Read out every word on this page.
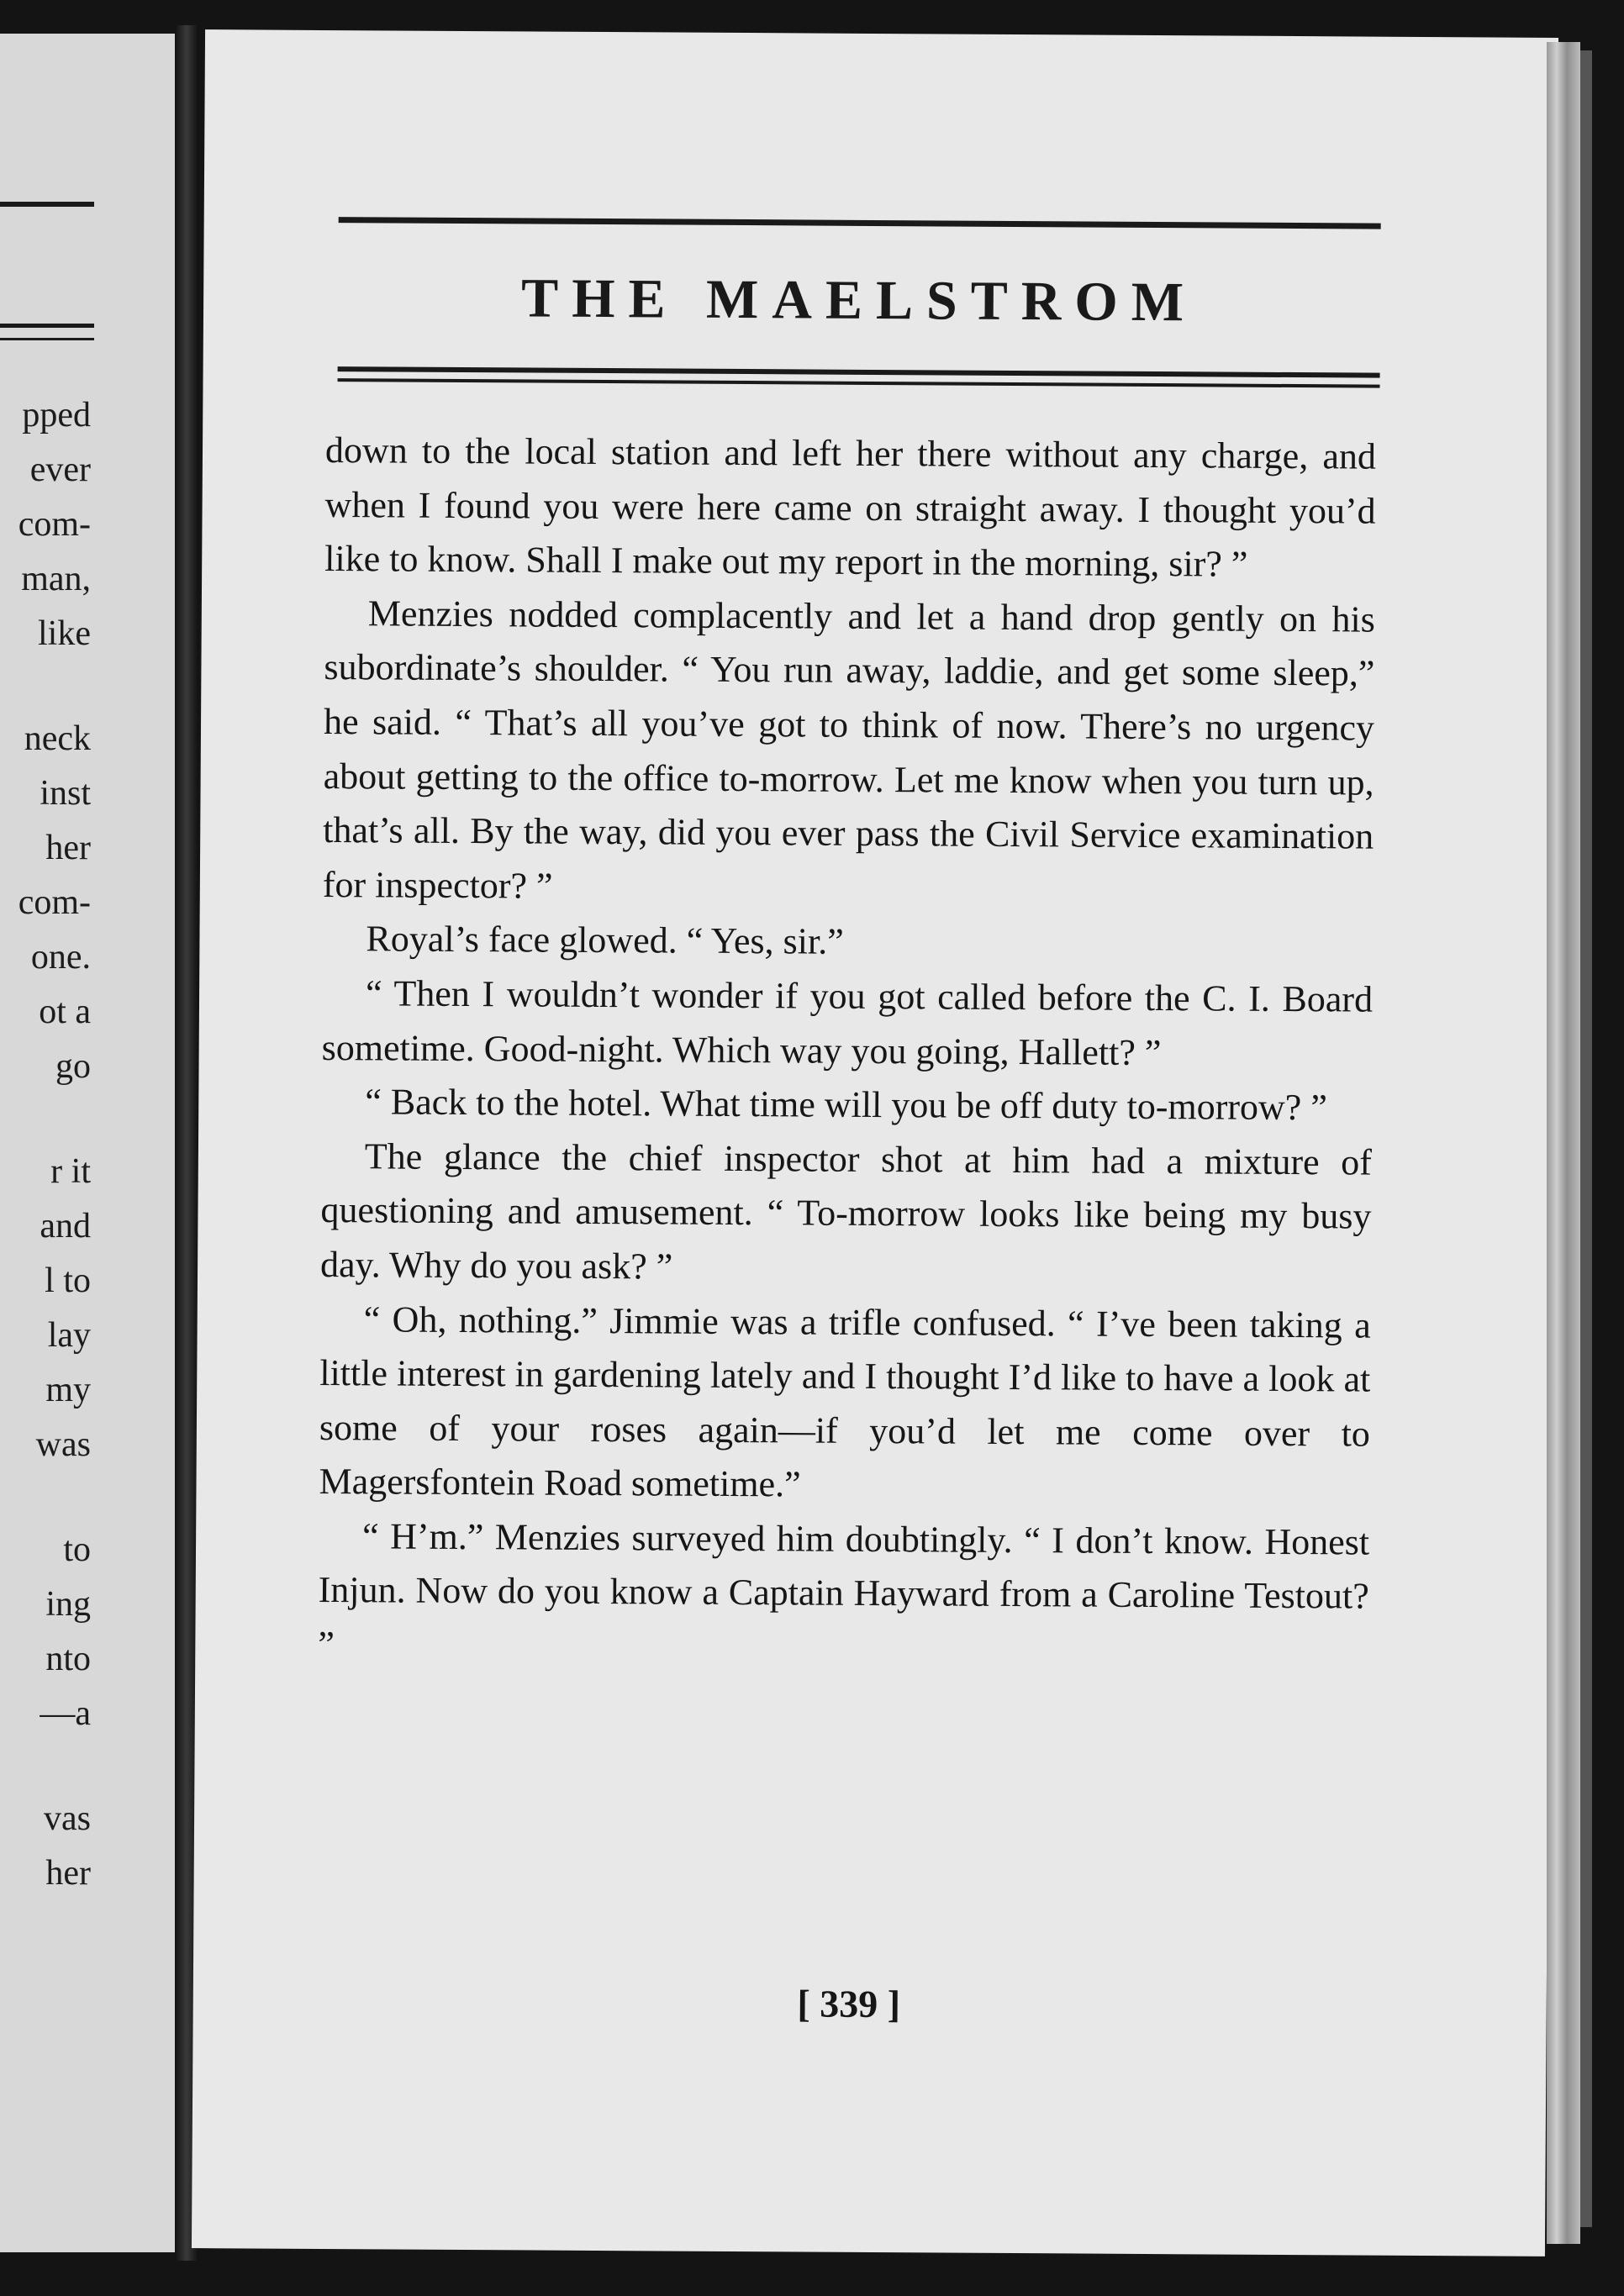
pped
ever
com-
man,
like
neck
inst
her
com-
one.
ot a
go
r it
and
l to
lay
my
was
to
ing
nto
—a
vas
her
THE MAELSTROM

down to the local station and left her there without any charge, and when I found you were here came on straight away. I thought you’d like to know. Shall I make out my report in the morning, sir? ”

Menzies nodded complacently and let a hand drop gently on his subordinate’s shoulder. “ You run away, laddie, and get some sleep,” he said. “ That’s all you’ve got to think of now. There’s no urgency about getting to the office to-morrow. Let me know when you turn up, that’s all. By the way, did you ever pass the Civil Service examination for inspector? ”

Royal’s face glowed. “ Yes, sir.”

“ Then I wouldn’t wonder if you got called before the C. I. Board sometime. Good-night. Which way you going, Hallett? ”

“ Back to the hotel. What time will you be off duty to-morrow? ”

The glance the chief inspector shot at him had a mixture of questioning and amusement. “ To-morrow looks like being my busy day. Why do you ask? ”

“ Oh, nothing.” Jimmie was a trifle confused. “ I’ve been taking a little interest in gardening lately and I thought I’d like to have a look at some of your roses again—if you’d let me come over to Magersfontein Road sometime.”

“ H’m.” Menzies surveyed him doubtingly. “ I don’t know. Honest Injun. Now do you know a Captain Hayward from a Caroline Testout? ”

[ 339 ]
